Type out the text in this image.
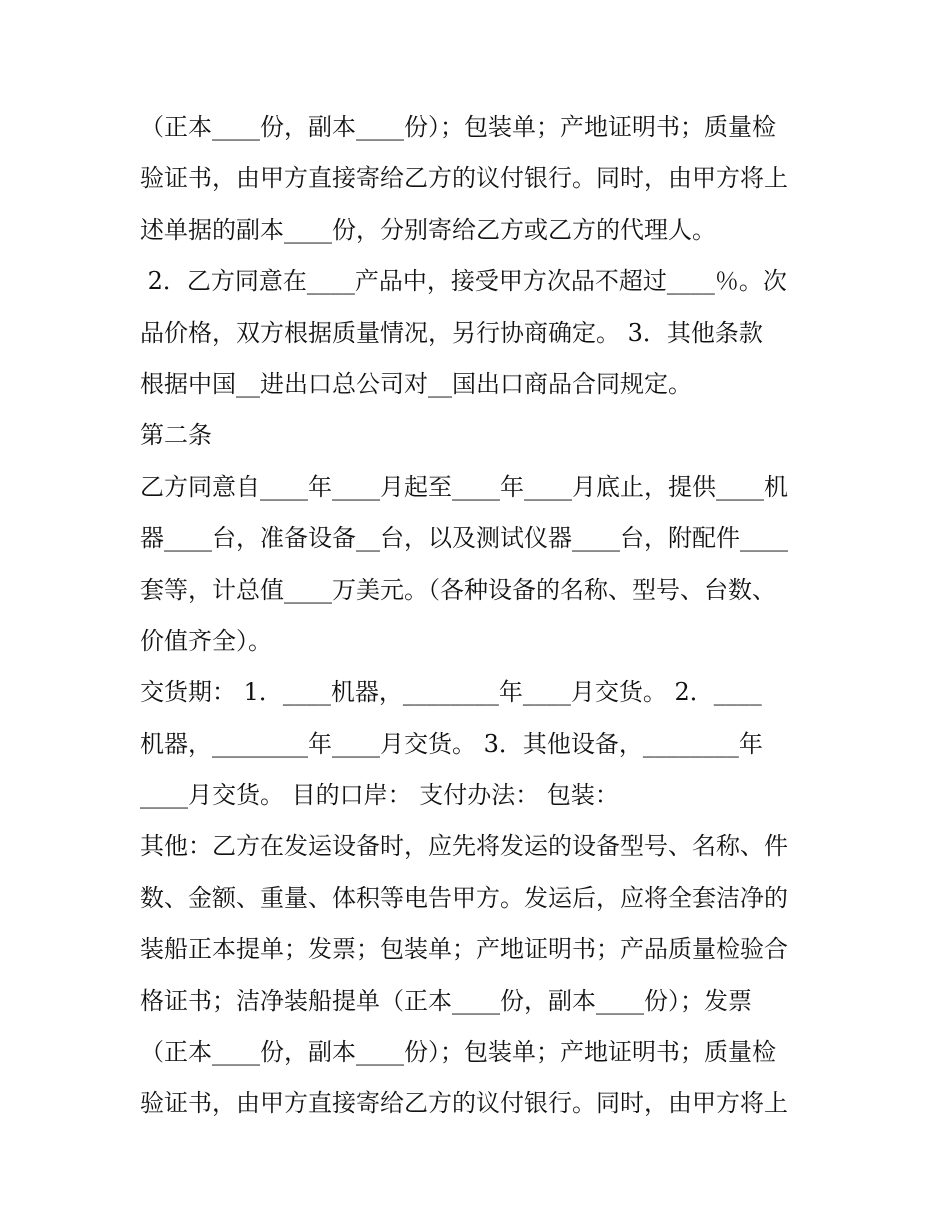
（正本____份，副本____份）；包装单；产地证明书；质量检
验证书，由甲方直接寄给乙方的议付银行。同时，由甲方将上
述单据的副本____份，分别寄给乙方或乙方的代理人。
2．乙方同意在____产品中，接受甲方次品不超过____％。次
品价格，双方根据质量情况，另行协商确定。 3．其他条款
根据中国__进出口总公司对__国出口商品合同规定。
第二条
乙方同意自____年____月起至____年____月底止，提供____机
器____台，准备设备__台，以及测试仪器____台，附配件____
套等，计总值____万美元。（各种设备的名称、型号、台数、
价值齐全）。
交货期： 1．____机器，________年____月交货。 2．____
机器，________年____月交货。 3．其他设备，________年
____月交货。 目的口岸： 支付办法： 包装：
其他：乙方在发运设备时，应先将发运的设备型号、名称、件
数、金额、重量、体积等电告甲方。发运后，应将全套洁净的
装船正本提单；发票；包装单；产地证明书；产品质量检验合
格证书；洁净装船提单（正本____份，副本____份）；发票
（正本____份，副本____份）；包装单；产地证明书；质量检
验证书，由甲方直接寄给乙方的议付银行。同时，由甲方将上
